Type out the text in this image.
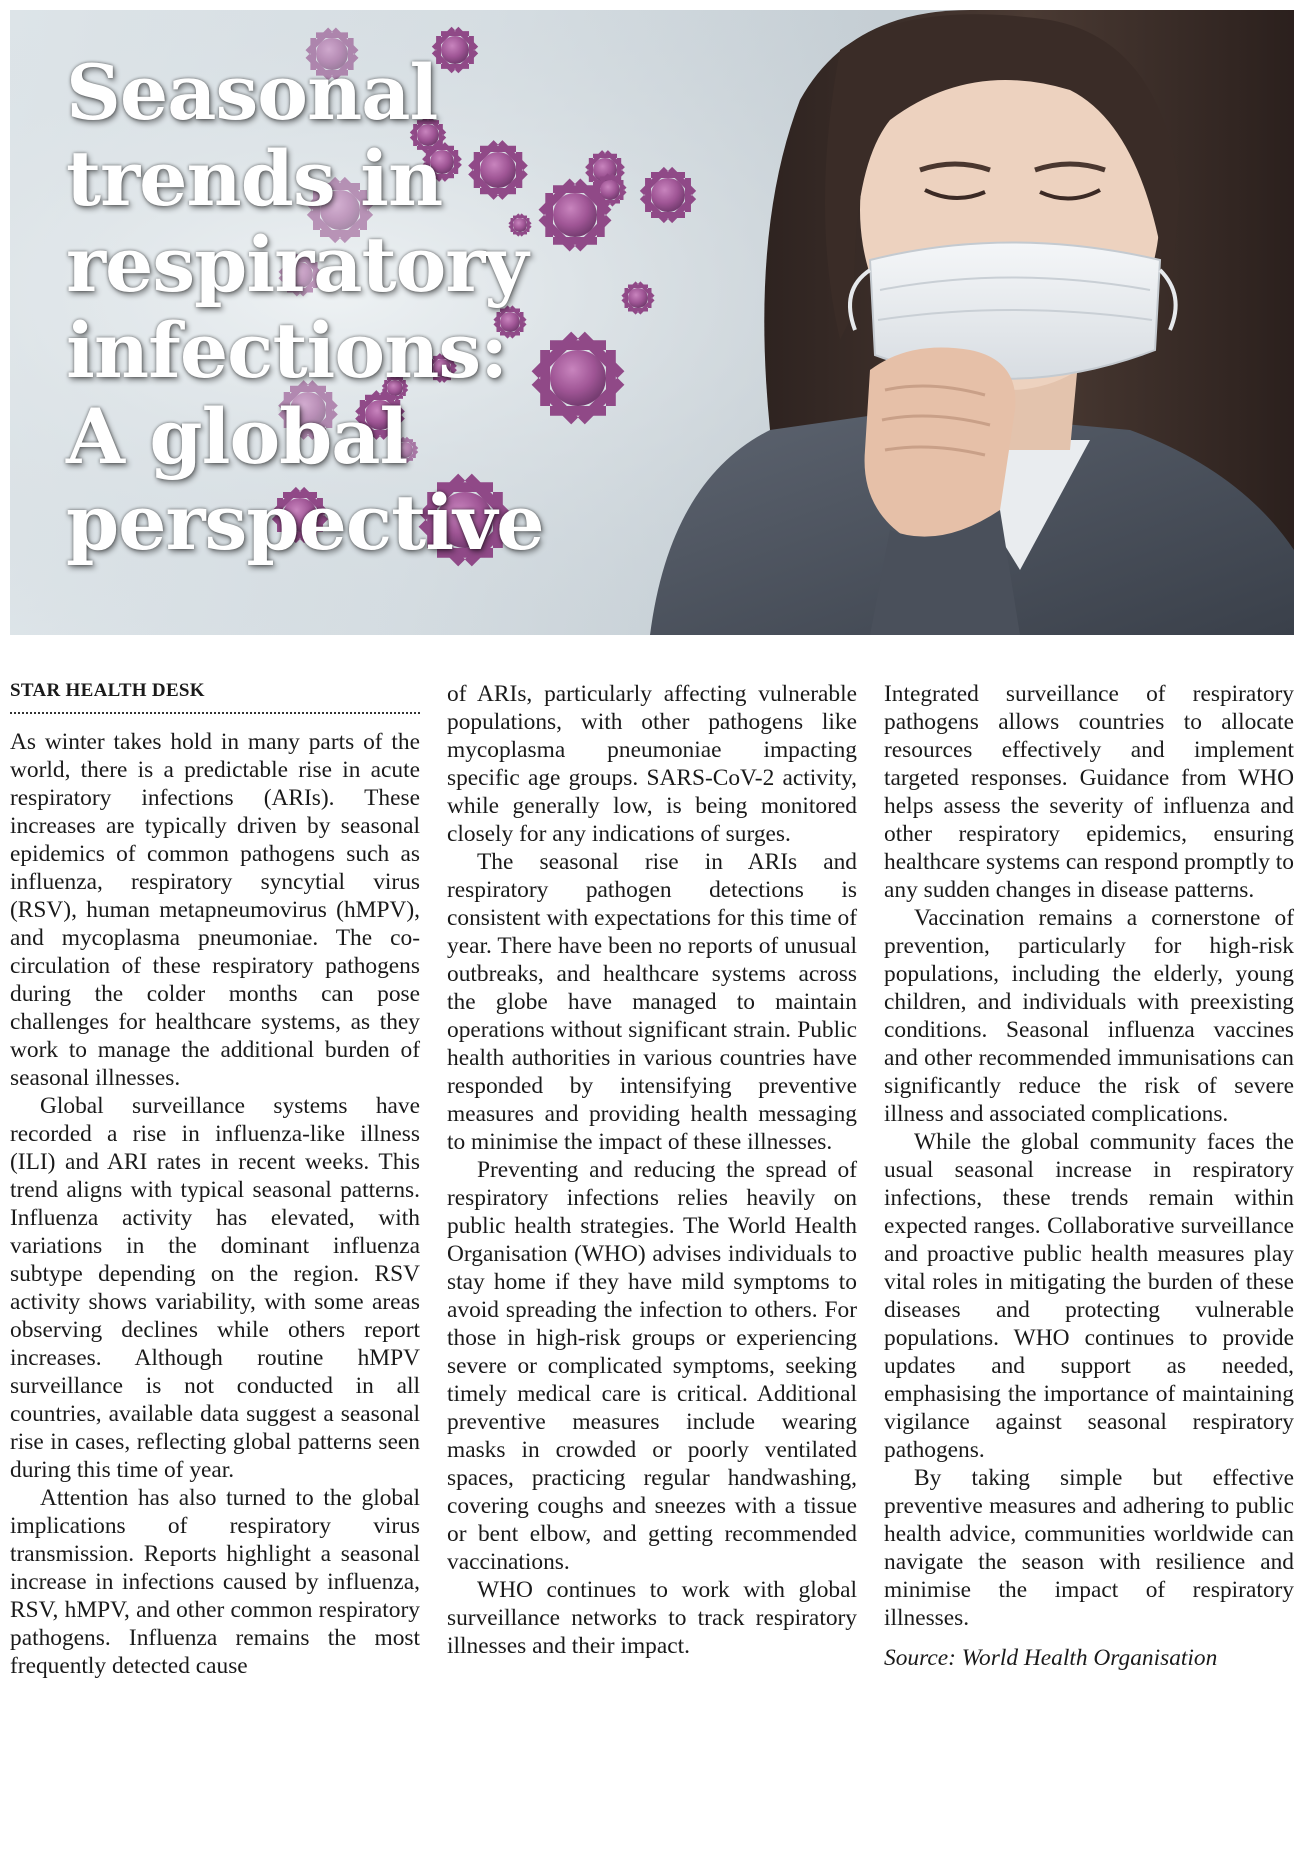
Seasonal trends in respiratory infections: A global perspective
STAR HEALTH DESK

As winter takes hold in many parts of the world, there is a predictable rise in acute respiratory infections (ARIs). These increases are typically driven by seasonal epidemics of common pathogens such as influenza, respiratory syncytial virus (RSV), human metapneumovirus (hMPV), and mycoplasma pneumoniae. The co-circulation of these respiratory pathogens during the colder months can pose challenges for healthcare systems, as they work to manage the additional burden of seasonal illnesses.

Global surveillance systems have recorded a rise in influenza-like illness (ILI) and ARI rates in recent weeks. This trend aligns with typical seasonal patterns. Influenza activity has elevated, with variations in the dominant influenza subtype depending on the region. RSV activity shows variability, with some areas observing declines while others report increases. Although routine hMPV surveillance is not conducted in all countries, available data suggest a seasonal rise in cases, reflecting global patterns seen during this time of year.

Attention has also turned to the global implications of respiratory virus transmission. Reports highlight a seasonal increase in infections caused by influenza, RSV, hMPV, and other common respiratory pathogens. Influenza remains the most frequently detected cause

of ARIs, particularly affecting vulnerable populations, with other pathogens like mycoplasma pneumoniae impacting specific age groups. SARS-CoV-2 activity, while generally low, is being monitored closely for any indications of surges.

The seasonal rise in ARIs and respiratory pathogen detections is consistent with expectations for this time of year. There have been no reports of unusual outbreaks, and healthcare systems across the globe have managed to maintain operations without significant strain. Public health authorities in various countries have responded by intensifying preventive measures and providing health messaging to minimise the impact of these illnesses.

Preventing and reducing the spread of respiratory infections relies heavily on public health strategies. The World Health Organisation (WHO) advises individuals to stay home if they have mild symptoms to avoid spreading the infection to others. For those in high-risk groups or experiencing severe or complicated symptoms, seeking timely medical care is critical. Additional preventive measures include wearing masks in crowded or poorly ventilated spaces, practicing regular handwashing, covering coughs and sneezes with a tissue or bent elbow, and getting recommended vaccinations.

WHO continues to work with global surveillance networks to track respiratory illnesses and their impact.

Integrated surveillance of respiratory pathogens allows countries to allocate resources effectively and implement targeted responses. Guidance from WHO helps assess the severity of influenza and other respiratory epidemics, ensuring healthcare systems can respond promptly to any sudden changes in disease patterns.

Vaccination remains a cornerstone of prevention, particularly for high-risk populations, including the elderly, young children, and individuals with preexisting conditions. Seasonal influenza vaccines and other recommended immunisations can significantly reduce the risk of severe illness and associated complications.

While the global community faces the usual seasonal increase in respiratory infections, these trends remain within expected ranges. Collaborative surveillance and proactive public health measures play vital roles in mitigating the burden of these diseases and protecting vulnerable populations. WHO continues to provide updates and support as needed, emphasising the importance of maintaining vigilance against seasonal respiratory pathogens.

By taking simple but effective preventive measures and adhering to public health advice, communities worldwide can navigate the season with resilience and minimise the impact of respiratory illnesses.

Source: World Health Organisation
